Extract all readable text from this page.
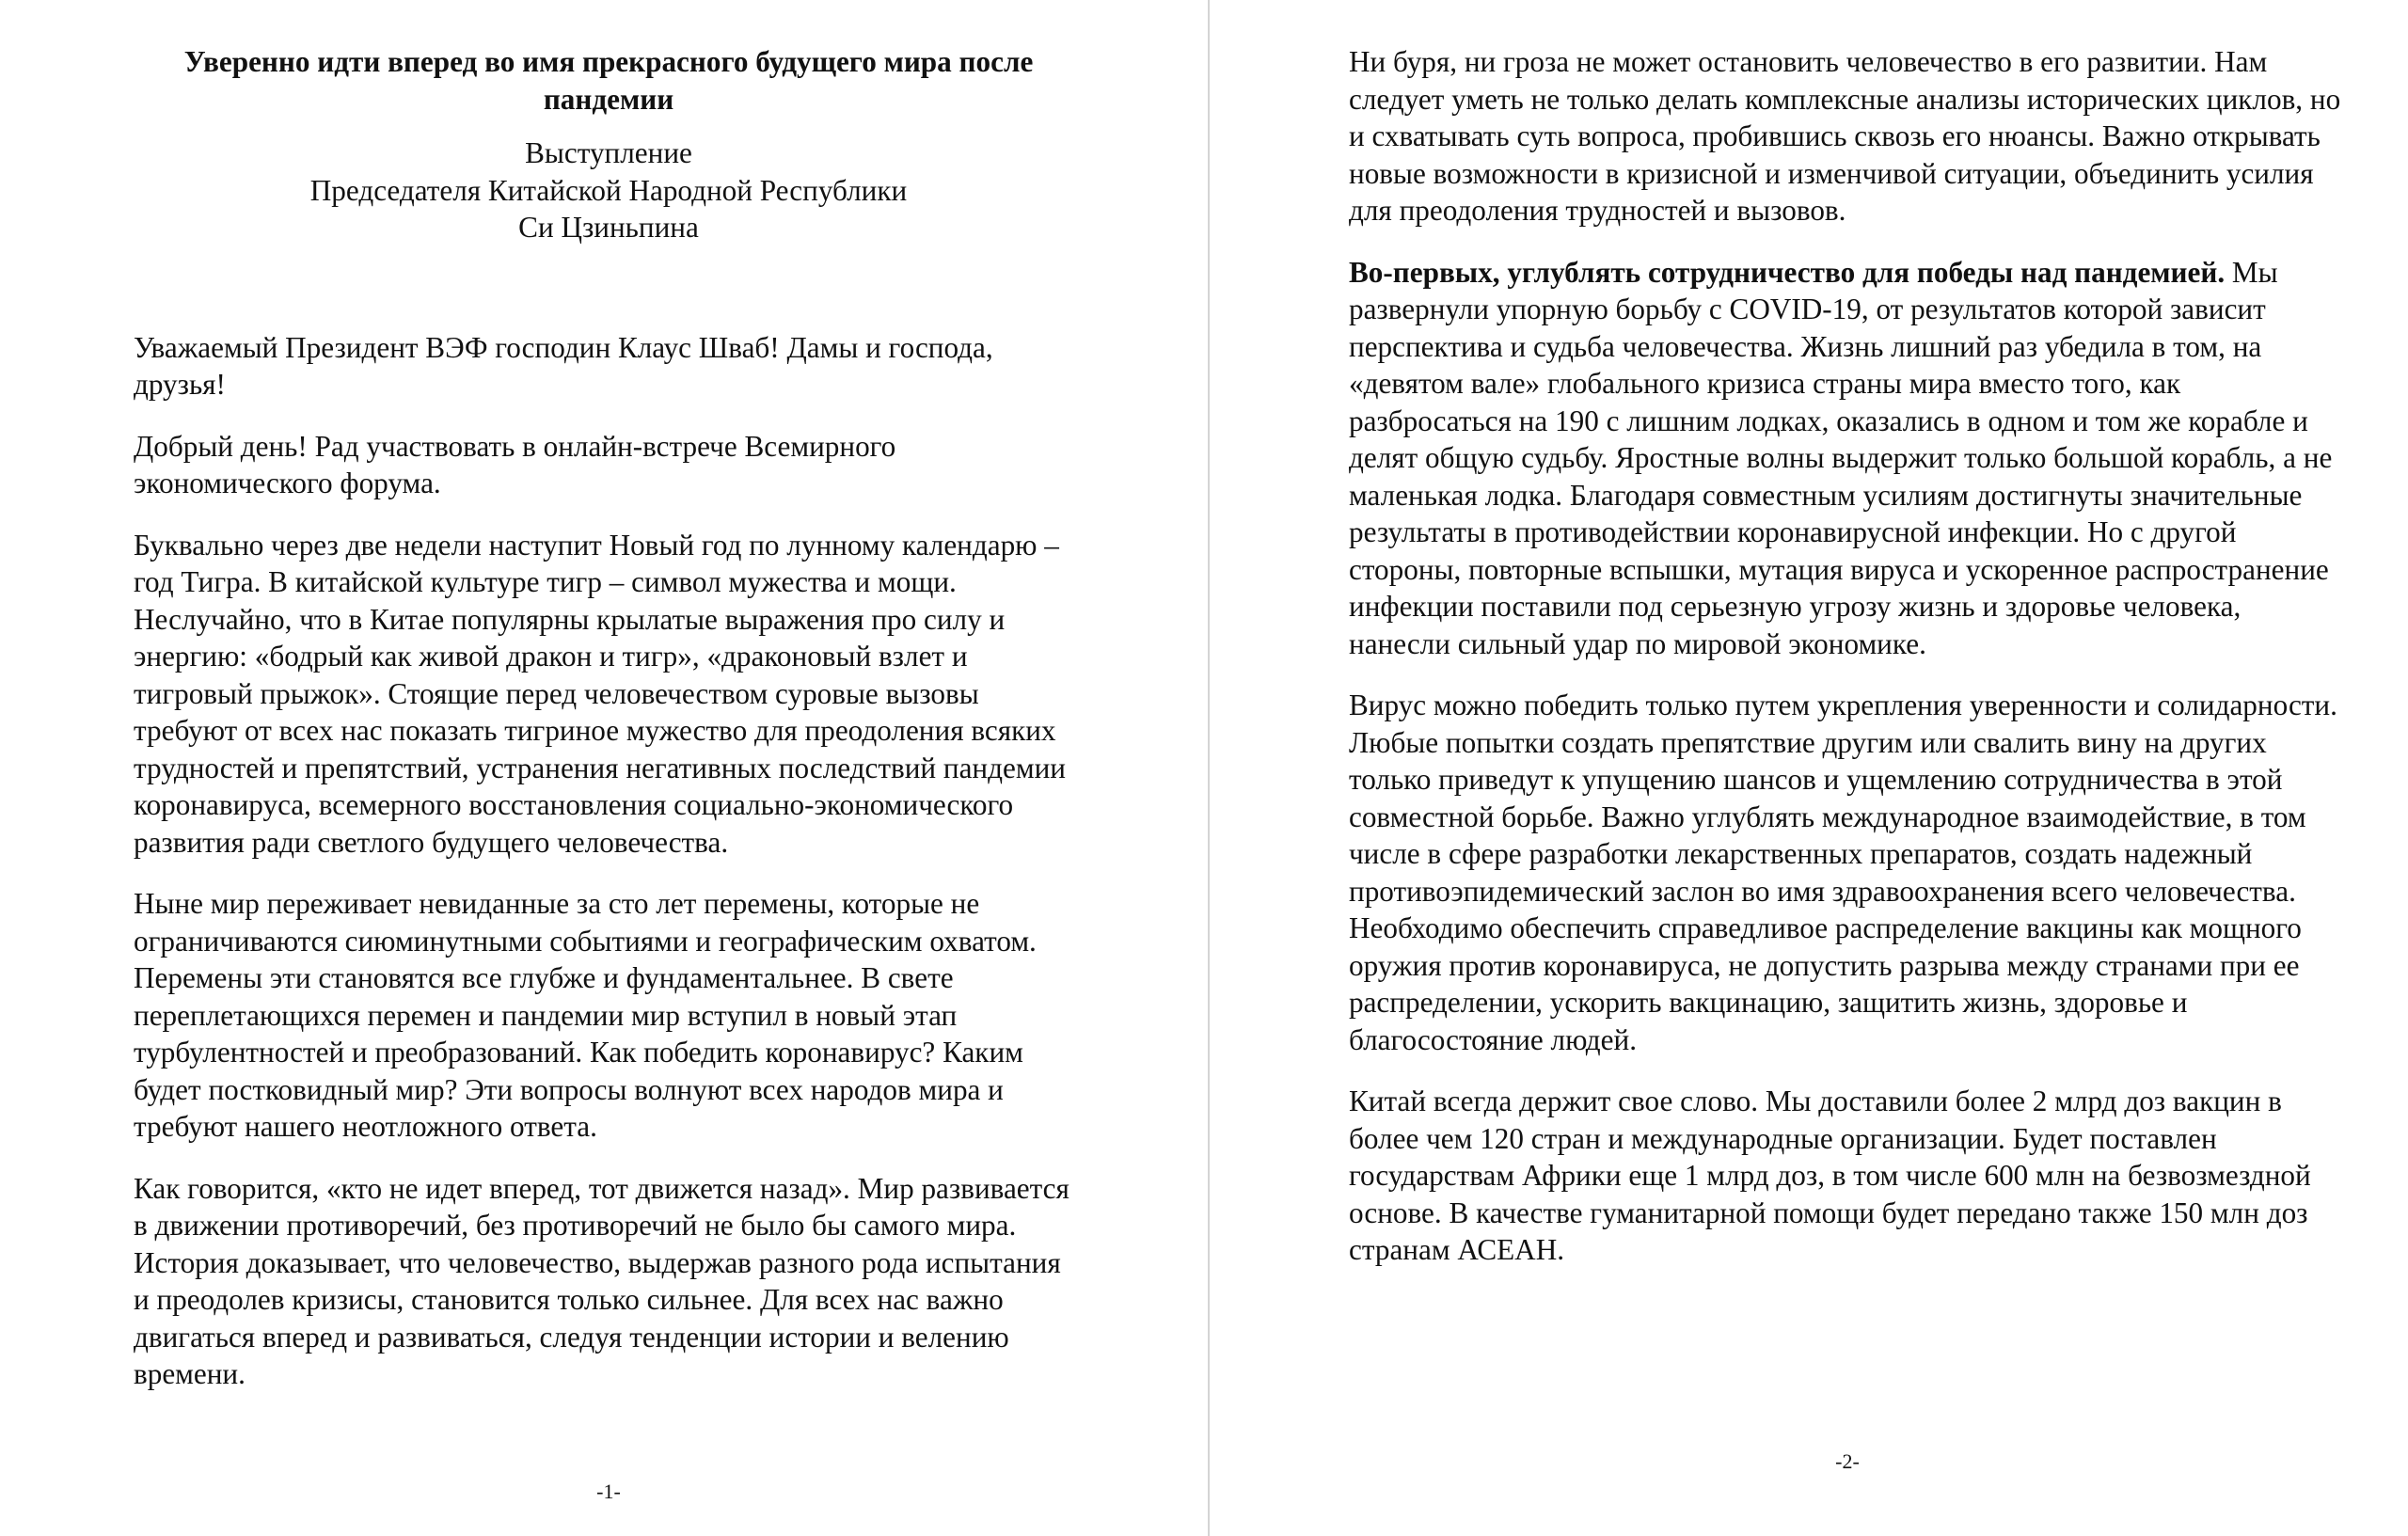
Уверенно идти вперед во имя прекрасного будущего мира после пандемии
Выступление
Председателя Китайской Народной Республики
Си Цзиньпина

Уважаемый Президент ВЭФ господин Клаус Шваб! Дамы и господа, друзья!

Добрый день! Рад участвовать в онлайн-встрече Всемирного экономического форума.

Буквально через две недели наступит Новый год по лунному календарю – год Тигра. В китайской культуре тигр – символ мужества и мощи. Неслучайно, что в Китае популярны крылатые выражения про силу и энергию: «бодрый как живой дракон и тигр», «драконовый взлет и тигровый прыжок». Стоящие перед человечеством суровые вызовы требуют от всех нас показать тигриное мужество для преодоления всяких трудностей и препятствий, устранения негативных последствий пандемии коронавируса, всемерного восстановления социально-экономического развития ради светлого будущего человечества.

Ныне мир переживает невиданные за сто лет перемены, которые не ограничиваются сиюминутными событиями и географическим охватом. Перемены эти становятся все глубже и фундаментальнее. В свете переплетающихся перемен и пандемии мир вступил в новый этап турбулентностей и преобразований. Как победить коронавирус? Каким будет постковидный мир? Эти вопросы волнуют всех народов мира и требуют нашего неотложного ответа.

Как говорится, «кто не идет вперед, тот движется назад». Мир развивается в движении противоречий, без противоречий не было бы самого мира. История доказывает, что человечество, выдержав разного рода испытания и преодолев кризисы, становится только сильнее. Для всех нас важно двигаться вперед и развиваться, следуя тенденции истории и велению времени.

-1-

Ни буря, ни гроза не может остановить человечество в его развитии. Нам следует уметь не только делать комплексные анализы исторических циклов, но и схватывать суть вопроса, пробившись сквозь его нюансы. Важно открывать новые возможности в кризисной и изменчивой ситуации, объединить усилия для преодоления трудностей и вызовов.

Во-первых, углублять сотрудничество для победы над пандемией. Мы развернули упорную борьбу с COVID-19, от результатов которой зависит перспектива и судьба человечества. Жизнь лишний раз убедила в том, на «девятом вале» глобального кризиса страны мира вместо того, как разбросаться на 190 с лишним лодках, оказались в одном и том же корабле и делят общую судьбу. Яростные волны выдержит только большой корабль, а не маленькая лодка. Благодаря совместным усилиям достигнуты значительные результаты в противодействии коронавирусной инфекции. Но с другой стороны, повторные вспышки, мутация вируса и ускоренное распространение инфекции поставили под серьезную угрозу жизнь и здоровье человека, нанесли сильный удар по мировой экономике.

Вирус можно победить только путем укрепления уверенности и солидарности. Любые попытки создать препятствие другим или свалить вину на других только приведут к упущению шансов и ущемлению сотрудничества в этой совместной борьбе. Важно углублять международное взаимодействие, в том числе в сфере разработки лекарственных препаратов, создать надежный противоэпидемический заслон во имя здравоохранения всего человечества. Необходимо обеспечить справедливое распределение вакцины как мощного оружия против коронавируса, не допустить разрыва между странами при ее распределении, ускорить вакцинацию, защитить жизнь, здоровье и благосостояние людей.

Китай всегда держит свое слово. Мы доставили более 2 млрд доз вакцин в более чем 120 стран и международные организации. Будет поставлен государствам Африки еще 1 млрд доз, в том числе 600 млн на безвозмездной основе. В качестве гуманитарной помощи будет передано также 150 млн доз странам АСЕАН.

-2-
